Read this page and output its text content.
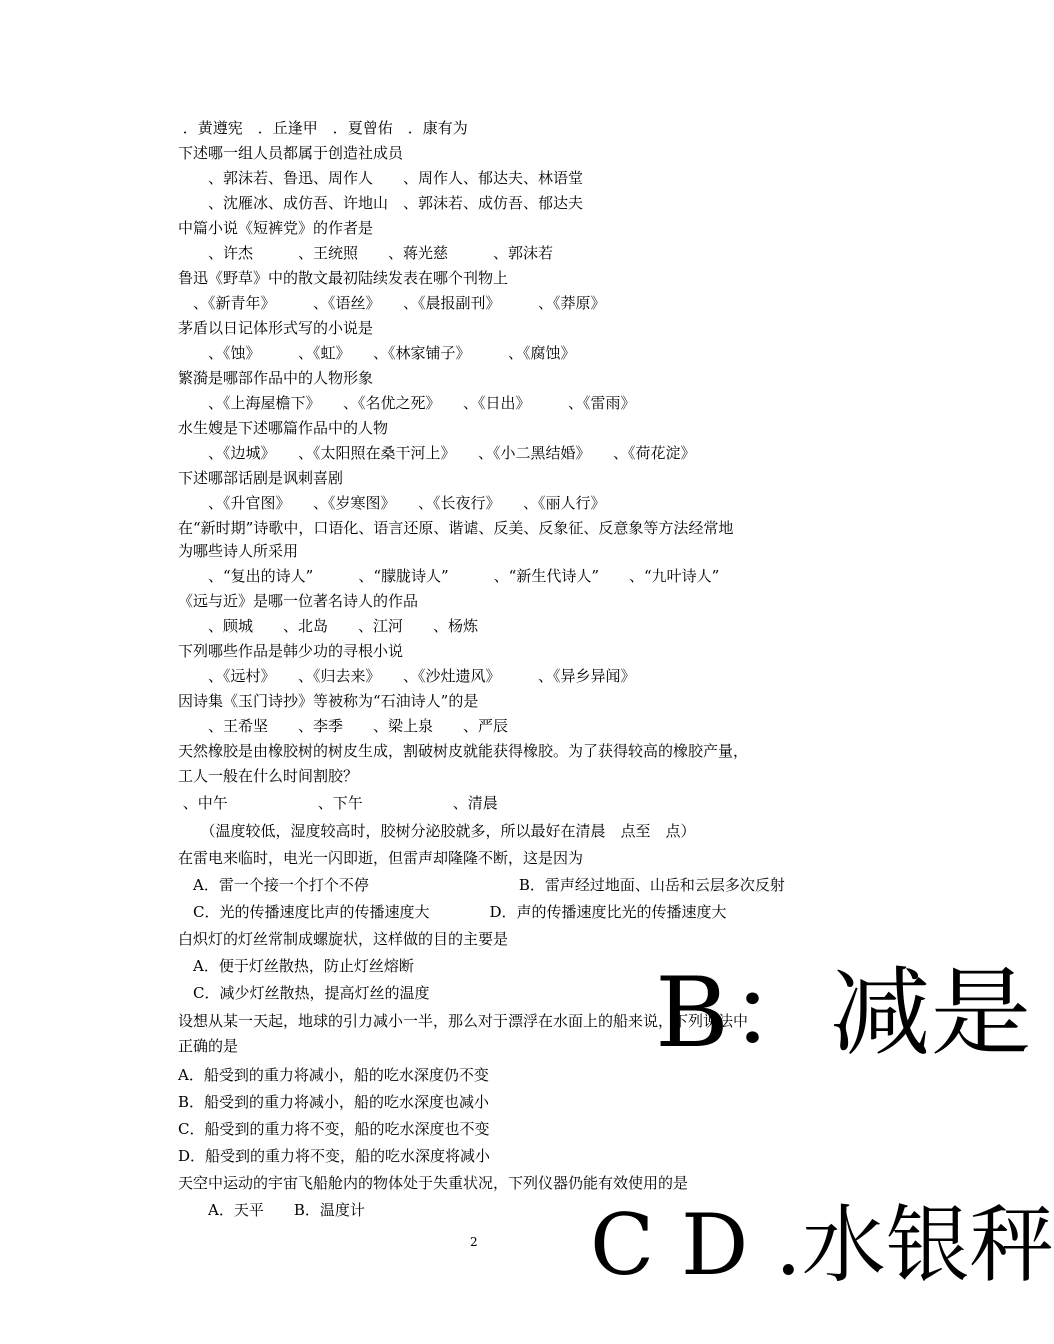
．黄遵宪　．丘逢甲　．夏曾佑　．康有为
下述哪一组人员都属于创造社成员
　　、郭沫若、鲁迅、周作人　　、周作人、郁达夫、林语堂
　　、沈雁冰、成仿吾、许地山　、郭沫若、成仿吾、郁达夫
中篇小说《短裤党》的作者是
　　、许杰　　　、王统照　　、蒋光慈　　　、郭沫若
鲁迅《野草》中的散文最初陆续发表在哪个刊物上
　、《新青年》　　　、《语丝》　　、《晨报副刊》　　　、《莽原》
茅盾以日记体形式写的小说是
　　、《蚀》　　　、《虹》　　、《林家铺子》　　　、《腐蚀》
繁漪是哪部作品中的人物形象
　　、《上海屋檐下》　　、《名优之死》　　、《日出》　　　、《雷雨》
水生嫂是下述哪篇作品中的人物
　　、《边城》　　、《太阳照在桑干河上》　　、《小二黑结婚》　　、《荷花淀》
下述哪部话剧是讽刺喜剧
　　、《升官图》　　、《岁寒图》　　、《长夜行》　　、《丽人行》
在“新时期”诗歌中，口语化、语言还原、谐谑、反美、反象征、反意象等方法经常地
为哪些诗人所采用
　　、“复出的诗人”　　　、“朦胧诗人”　　　、“新生代诗人”　　、“九叶诗人”
《远与近》是哪一位著名诗人的作品
　　、顾城　　、北岛　　、江河　　、杨炼
下列哪些作品是韩少功的寻根小说
　　、《远村》　　、《归去来》　　、《沙灶遗风》　　　、《异乡异闻》
因诗集《玉门诗抄》等被称为“石油诗人”的是
　　、王希坚　　、李季　　、梁上泉　　、严辰
天然橡胶是由橡胶树的树皮生成，割破树皮就能获得橡胶。为了获得较高的橡胶产量，
工人一般在什么时间割胶？
、中午　　　　　　、下午　　　　　　、清晨
　　（温度较低，湿度较高时，胶树分泌胶就多，所以最好在清晨　点至　点）
在雷电来临时，电光一闪即逝，但雷声却隆隆不断，这是因为
　A．雷一个接一个打个不停　　　　　　　　　　B．雷声经过地面、山岳和云层多次反射
　C．光的传播速度比声的传播速度大　　　　D．声的传播速度比光的传播速度大
白炽灯的灯丝常制成螺旋状，这样做的目的主要是
　A．便于灯丝散热，防止灯丝熔断
　C．减少灯丝散热，提高灯丝的温度
设想从某一天起，地球的引力减小一半，那么对于漂浮在水面上的船来说，下列说法中
正确的是
A．船受到的重力将减小，船的吃水深度仍不变
B．船受到的重力将减小，船的吃水深度也减小
C．船受到的重力将不变，船的吃水深度也不变
D．船受到的重力将不变，船的吃水深度将减小
天空中运动的宇宙飞船舱内的物体处于失重状况，下列仪器仍能有效使用的是
　　A．天平　　B．温度计
B：减是
C D .水银秤
2
